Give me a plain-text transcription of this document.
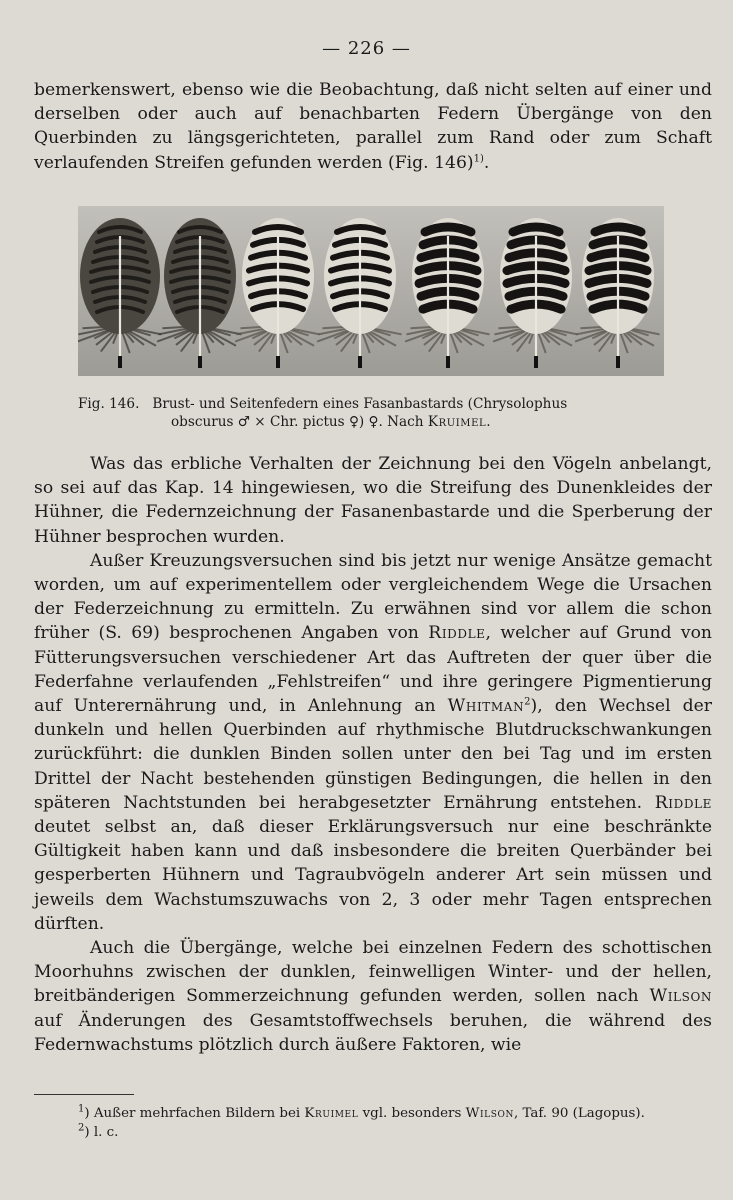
— 226 —

bemerkenswert, ebenso wie die Beobachtung, daß nicht selten auf einer und derselben oder auch auf benachbarten Federn Übergänge von den Querbinden zu längsgerichteten, parallel zum Rand oder zum Schaft verlaufenden Streifen gefunden werden (Fig. 146)$^{1)}$.

Fig. 146. Brust- und Seitenfedern eines Fasanbastards (Chrysolophus
obscurus ♂ × Chr. pictus ♀) ♀. Nach Kruimel.

Was das erbliche Verhalten der Zeichnung bei den Vögeln anbelangt, so sei auf das Kap. 14 hingewiesen, wo die Streifung des Dunenkleides der Hühner, die Federnzeichnung der Fasanenbastarde und die Sperberung der Hühner besprochen wurden.

Außer Kreuzungsversuchen sind bis jetzt nur wenige Ansätze gemacht worden, um auf experimentellem oder vergleichendem Wege die Ursachen der Federzeichnung zu ermitteln. Zu erwähnen sind vor allem die schon früher (S. 69) besprochenen Angaben von Riddle, welcher auf Grund von Fütterungsversuchen verschiedener Art das Auftreten der quer über die Federfahne verlaufenden „Fehlstreifen“ und ihre geringere Pigmentierung auf Unterernährung und, in Anlehnung an Whitman$^2$), den Wechsel der dunkeln und hellen Querbinden auf rhythmische Blutdruckschwankungen zurückführt: die dunklen Binden sollen unter den bei Tag und im ersten Drittel der Nacht bestehenden günstigen Bedingungen, die hellen in den späteren Nachtstunden bei herabgesetzter Ernährung entstehen. Riddle deutet selbst an, daß dieser Erklärungsversuch nur eine beschränkte Gültigkeit haben kann und daß insbesondere die breiten Querbänder bei gesperberten Hühnern und Tagraubvögeln anderer Art sein müssen und jeweils dem Wachstumszuwachs von 2, 3 oder mehr Tagen entsprechen dürften.

Auch die Übergänge, welche bei einzelnen Federn des schottischen Moorhuhns zwischen der dunklen, feinwelligen Winter- und der hellen, breitbänderigen Sommerzeichnung gefunden werden, sollen nach Wilson auf Änderungen des Gesamtstoffwechsels beruhen, die während des Federnwachstums plötzlich durch äußere Faktoren, wie

$^1$) Außer mehrfachen Bildern bei Kruimel vgl. besonders Wilson, Taf. 90 (Lagopus).

$^2$) l. c.
